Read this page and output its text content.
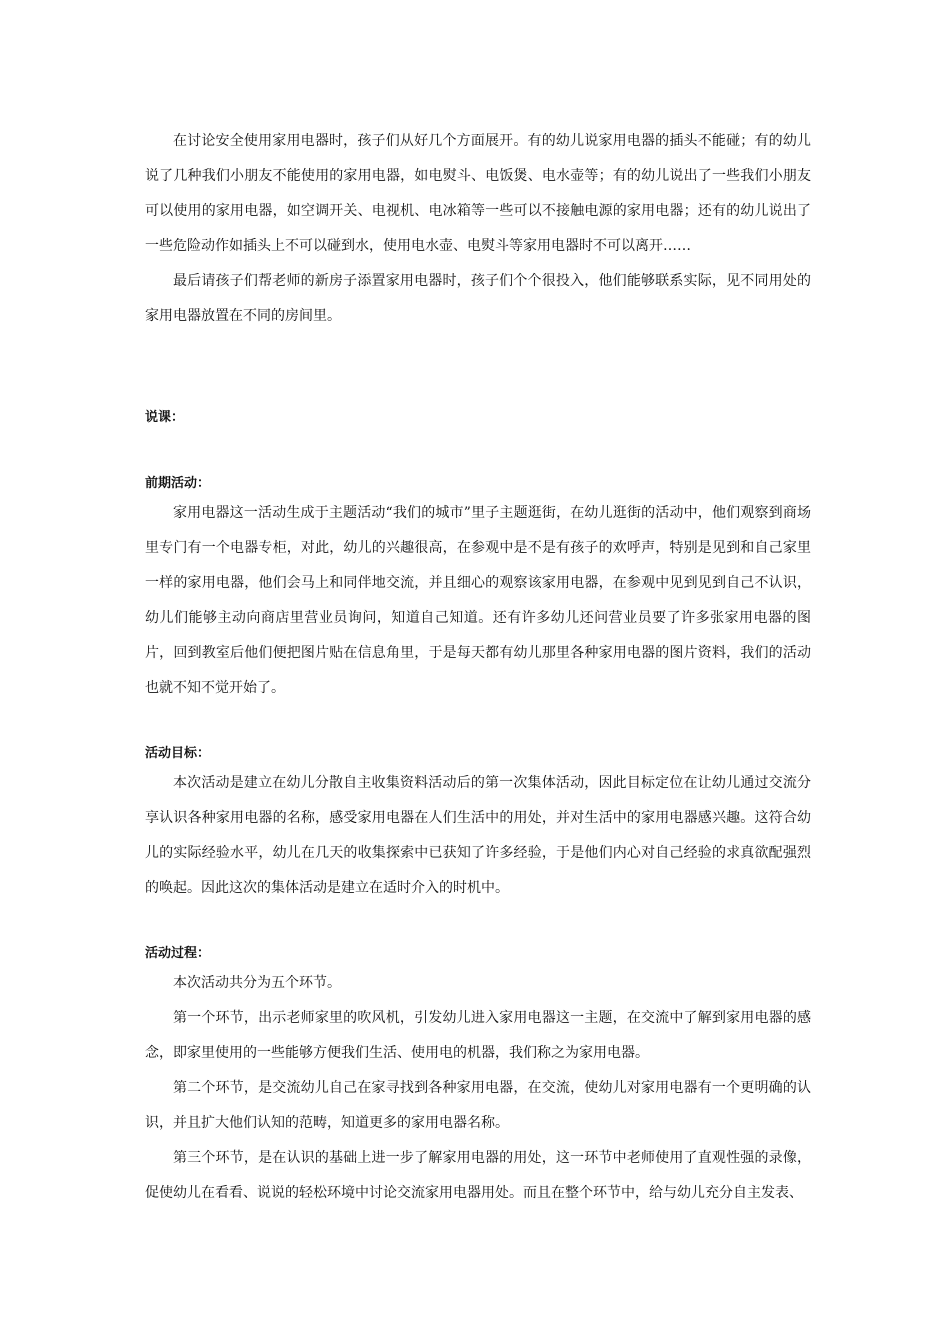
在讨论安全使用家用电器时，孩子们从好几个方面展开。有的幼儿说家用电器的插头不能碰；有的幼儿说了几种我们小朋友不能使用的家用电器，如电熨斗、电饭煲、电水壶等；有的幼儿说出了一些我们小朋友可以使用的家用电器，如空调开关、电视机、电冰箱等一些可以不接触电源的家用电器；还有的幼儿说出了一些危险动作如插头上不可以碰到水，使用电水壶、电熨斗等家用电器时不可以离开……

最后请孩子们帮老师的新房子添置家用电器时，孩子们个个很投入，他们能够联系实际，见不同用处的家用电器放置在不同的房间里。

说课：

前期活动：

家用电器这一活动生成于主题活动“我们的城市”里子主题逛街，在幼儿逛街的活动中，他们观察到商场里专门有一个电器专柜，对此，幼儿的兴趣很高，在参观中是不是有孩子的欢呼声，特别是见到和自己家里一样的家用电器，他们会马上和同伴地交流，并且细心的观察该家用电器，在参观中见到见到自己不认识，幼儿们能够主动向商店里营业员询问，知道自己知道。还有许多幼儿还问营业员要了许多张家用电器的图片，回到教室后他们便把图片贴在信息角里，于是每天都有幼儿那里各种家用电器的图片资料，我们的活动也就不知不觉开始了。

活动目标：

本次活动是建立在幼儿分散自主收集资料活动后的第一次集体活动，因此目标定位在让幼儿通过交流分享认识各种家用电器的名称，感受家用电器在人们生活中的用处，并对生活中的家用电器感兴趣。这符合幼儿的实际经验水平，幼儿在几天的收集探索中已获知了许多经验，于是他们内心对自己经验的求真欲配强烈的唤起。因此这次的集体活动是建立在适时介入的时机中。

活动过程：

本次活动共分为五个环节。

第一个环节，出示老师家里的吹风机，引发幼儿进入家用电器这一主题，在交流中了解到家用电器的感念，即家里使用的一些能够方便我们生活、使用电的机器，我们称之为家用电器。

第二个环节，是交流幼儿自己在家寻找到各种家用电器，在交流，使幼儿对家用电器有一个更明确的认识，并且扩大他们认知的范畴，知道更多的家用电器名称。

第三个环节，是在认识的基础上进一步了解家用电器的用处，这一环节中老师使用了直观性强的录像，促使幼儿在看看、说说的轻松环境中讨论交流家用电器用处。而且在整个环节中，给与幼儿充分自主发表、
